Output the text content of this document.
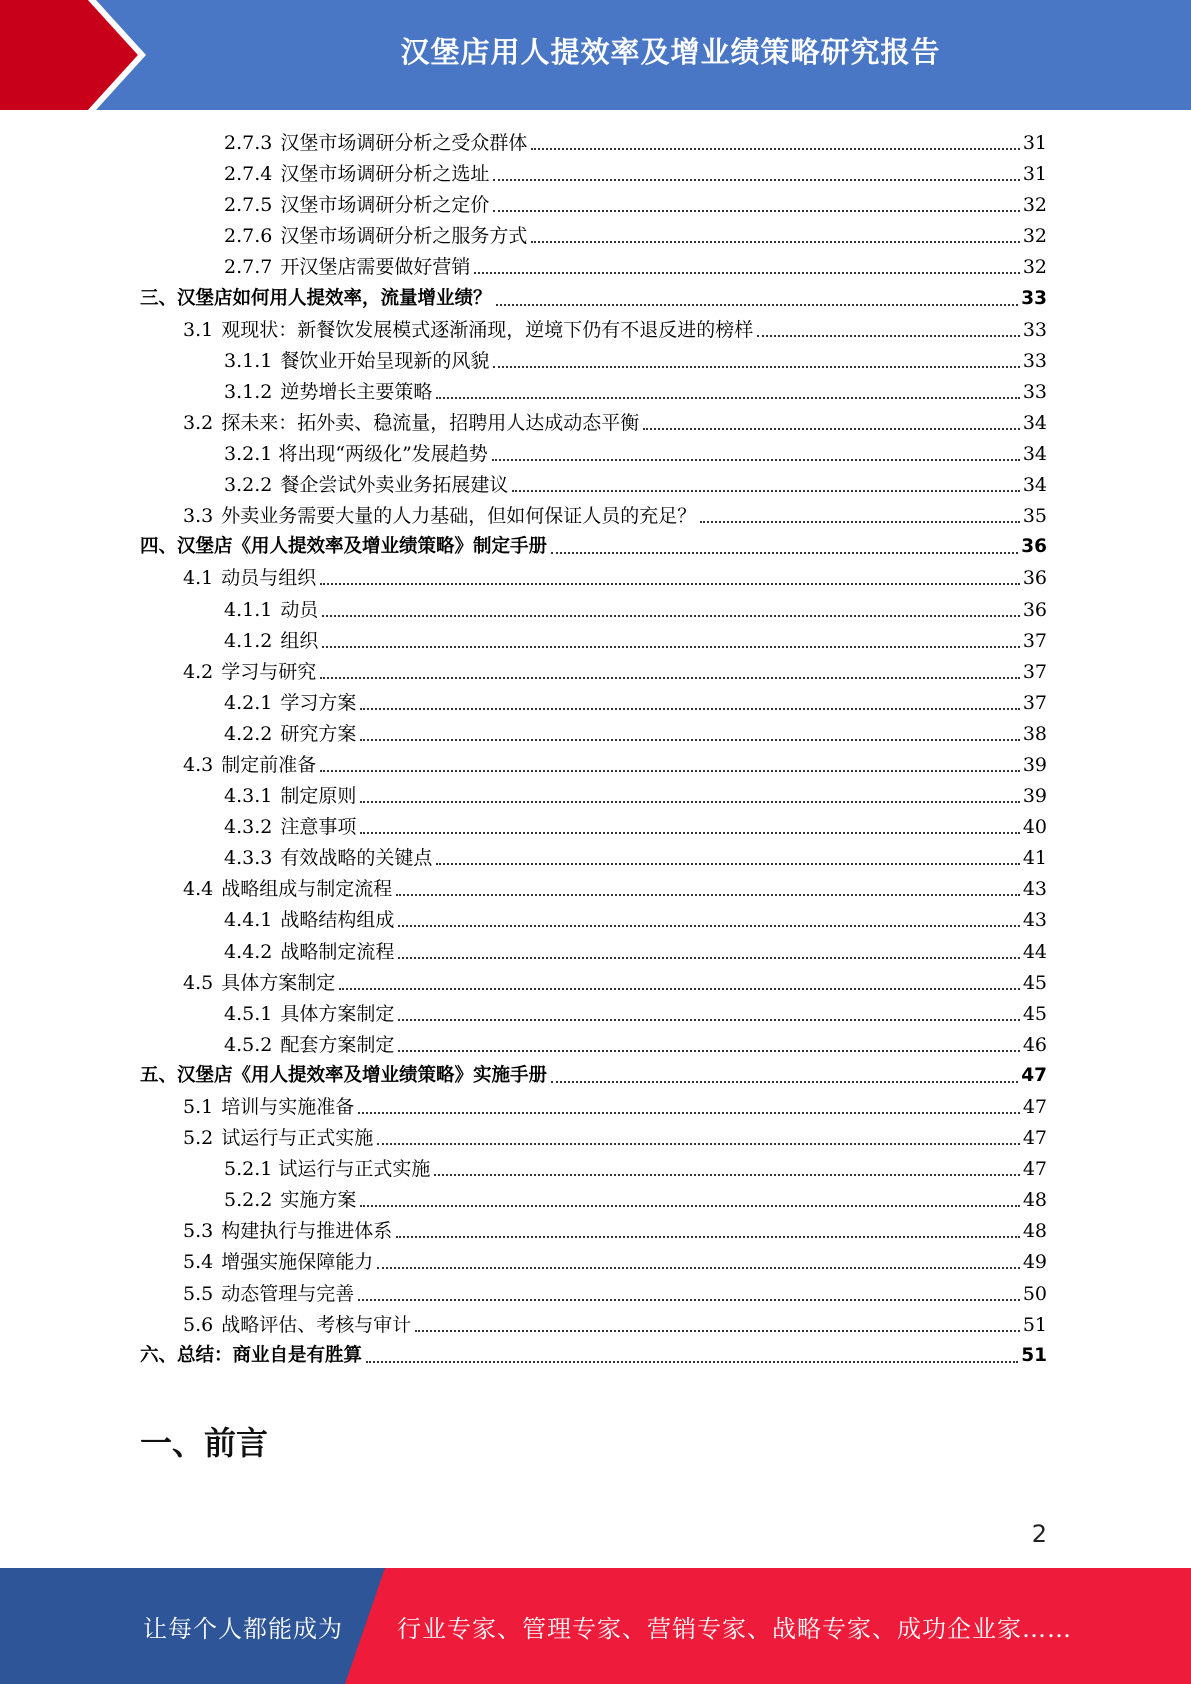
汉堡店用人提效率及增业绩策略研究报告
2.7.3 汉堡市场调研分析之受众群体	31
2.7.4 汉堡市场调研分析之选址	31
2.7.5 汉堡市场调研分析之定价	32
2.7.6 汉堡市场调研分析之服务方式	32
2.7.7 开汉堡店需要做好营销	32
三、汉堡店如何用人提效率，流量增业绩？	33
3.1 观现状：新餐饮发展模式逐渐涌现，逆境下仍有不退反进的榜样	33
3.1.1 餐饮业开始呈现新的风貌	33
3.1.2 逆势增长主要策略	33
3.2 探未来：拓外卖、稳流量，招聘用人达成动态平衡	34
3.2.1 将出现“两级化”发展趋势	34
3.2.2 餐企尝试外卖业务拓展建议	34
3.3 外卖业务需要大量的人力基础，但如何保证人员的充足？	35
四、汉堡店《用人提效率及增业绩策略》制定手册	36
4.1 动员与组织	36
4.1.1 动员	36
4.1.2 组织	37
4.2 学习与研究	37
4.2.1 学习方案	37
4.2.2 研究方案	38
4.3 制定前准备	39
4.3.1 制定原则	39
4.3.2 注意事项	40
4.3.3 有效战略的关键点	41
4.4 战略组成与制定流程	43
4.4.1 战略结构组成	43
4.4.2 战略制定流程	44
4.5 具体方案制定	45
4.5.1 具体方案制定	45
4.5.2 配套方案制定	46
五、汉堡店《用人提效率及增业绩策略》实施手册	47
5.1 培训与实施准备	47
5.2 试运行与正式实施	47
5.2.1 试运行与正式实施	47
5.2.2 实施方案	48
5.3 构建执行与推进体系	48
5.4 增强实施保障能力	49
5.5 动态管理与完善	50
5.6 战略评估、考核与审计	51
六、总结：商业自是有胜算	51
一、前言
2
让每个人都能成为 行业专家、管理专家、营销专家、战略专家、成功企业家……
